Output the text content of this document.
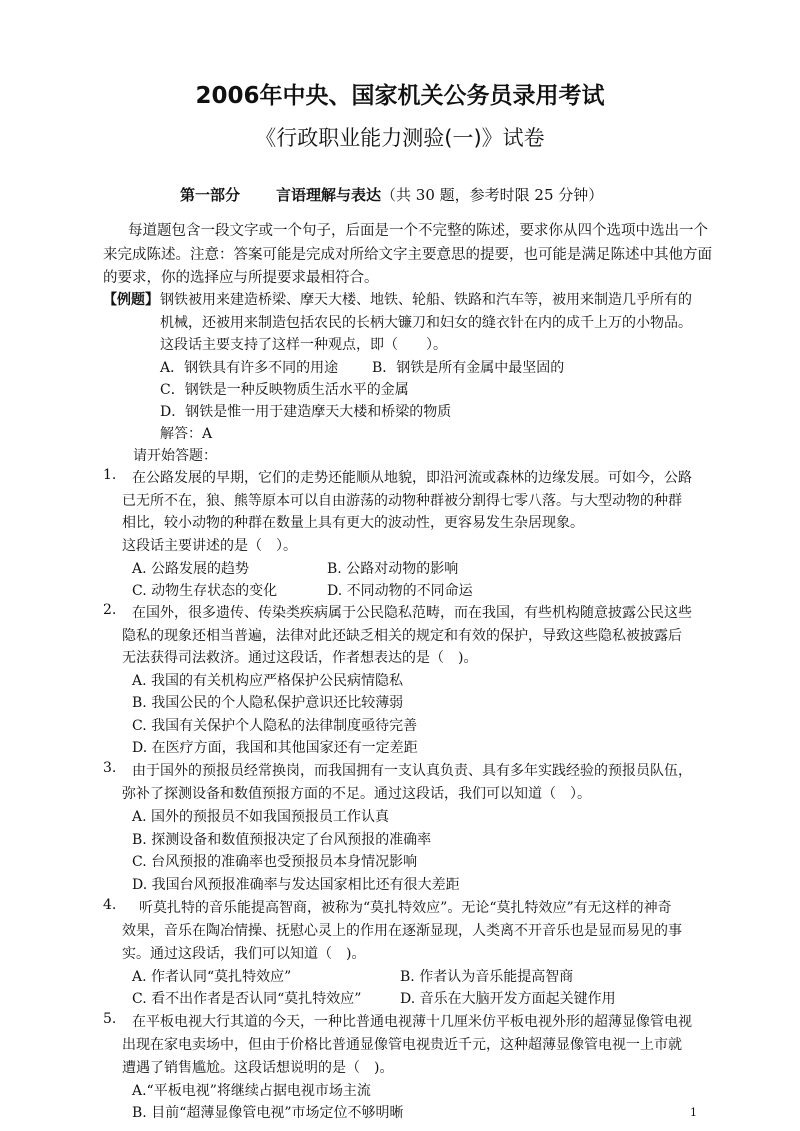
2006年中央、国家机关公务员录用考试
《行政职业能力测验(一)》试卷
第一部分 言语理解与表达（共 30 题，参考时限 25 分钟）
每道题包含一段文字或一个句子，后面是一个不完整的陈述，要求你从四个选项中选出一个
来完成陈述。注意：答案可能是完成对所给文字主要意思的提要，也可能是满足陈述中其他方面
的要求，你的选择应与所提要求最相符合。
【例题】 钢铁被用来建造桥梁、摩天大楼、地铁、轮船、铁路和汽车等，被用来制造几乎所有的
机械，还被用来制造包括农民的长柄大镰刀和妇女的缝衣针在内的成千上万的小物品。
这段话主要支持了这样一种观点，即（　　）。
A．钢铁具有许多不同的用途 B．钢铁是所有金属中最坚固的
C．钢铁是一种反映物质生活水平的金属
D．钢铁是惟一用于建造摩天大楼和桥梁的物质
解答：A
请开始答题：
1. 在公路发展的早期，它们的走势还能顺从地貌，即沿河流或森林的边缘发展。可如今，公路
已无所不在，狼、熊等原本可以自由游荡的动物种群被分割得七零八落。与大型动物的种群
相比，较小动物的种群在数量上具有更大的波动性，更容易发生杂居现象。
这段话主要讲述的是（　）。
A. 公路发展的趋势	B. 公路对动物的影响
C. 动物生存状态的变化	D. 不同动物的不同命运
2. 在国外，很多遗传、传染类疾病属于公民隐私范畴，而在我国，有些机构随意披露公民这些
隐私的现象还相当普遍，法律对此还缺乏相关的规定和有效的保护，导致这些隐私被披露后
无法获得司法救济。通过这段话，作者想表达的是（　)。
A. 我国的有关机构应严格保护公民病情隐私
B. 我国公民的个人隐私保护意识还比较薄弱
C. 我国有关保护个人隐私的法律制度亟待完善
D. 在医疗方面，我国和其他国家还有一定差距
3. 由于国外的预报员经常换岗，而我国拥有一支认真负责、具有多年实践经验的预报员队伍，
弥补了探测设备和数值预报方面的不足。通过这段话，我们可以知道（　）。
A. 国外的预报员不如我国预报员工作认真
B. 探测设备和数值预报决定了台风预报的准确率
C. 台风预报的准确率也受预报员本身情况影响
D. 我国台风预报准确率与发达国家相比还有很大差距
4. 听莫扎特的音乐能提高智商，被称为“莫扎特效应”。无论“莫扎特效应”有无这样的神奇
效果，音乐在陶冶情操、抚慰心灵上的作用在逐渐显现，人类离不开音乐也是显而易见的事
实。通过这段话，我们可以知道（　)。
A. 作者认同“莫扎特效应”	B. 作者认为音乐能提高智商
C. 看不出作者是否认同“莫扎特效应”	D. 音乐在大脑开发方面起关键作用
5. 在平板电视大行其道的今天，一种比普通电视薄十几厘米仿平板电视外形的超薄显像管电视
出现在家电卖场中，但由于价格比普通显像管电视贵近千元，这种超薄显像管电视一上市就
遭遇了销售尴尬。这段话想说明的是（　)。
A.“平板电视”将继续占据电视市场主流
B. 目前“超薄显像管电视”市场定位不够明晰	1
